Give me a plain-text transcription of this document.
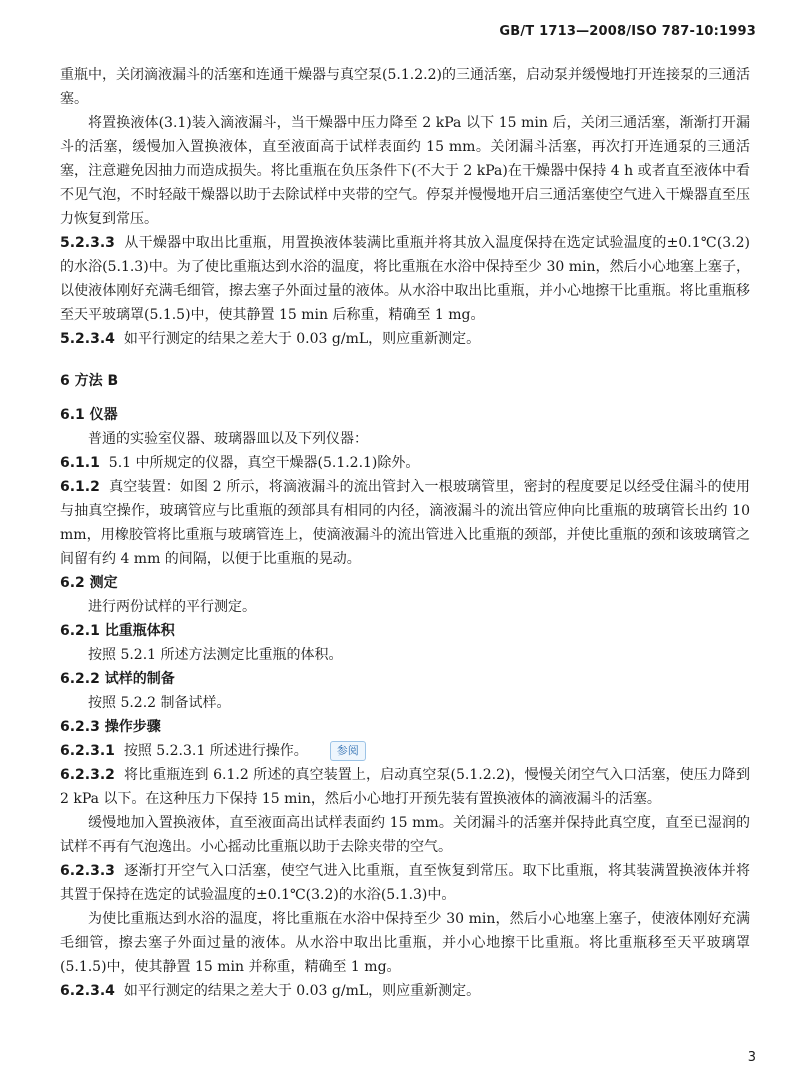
GB/T 1713—2008/ISO 787-10:1993

重瓶中，关闭滴液漏斗的活塞和连通干燥器与真空泵(5.1.2.2)的三通活塞，启动泵并缓慢地打开连接泵的三通活塞。

将置换液体(3.1)装入滴液漏斗，当干燥器中压力降至 2 kPa 以下 15 min 后，关闭三通活塞，渐渐打开漏斗的活塞，缓慢加入置换液体，直至液面高于试样表面约 15 mm。关闭漏斗活塞，再次打开连通泵的三通活塞，注意避免因抽力而造成损失。将比重瓶在负压条件下(不大于 2 kPa)在干燥器中保持 4 h 或者直至液体中看不见气泡，不时轻敲干燥器以助于去除试样中夹带的空气。停泵并慢慢地开启三通活塞使空气进入干燥器直至压力恢复到常压。

5.2.3.3 从干燥器中取出比重瓶，用置换液体装满比重瓶并将其放入温度保持在选定试验温度的±0.1℃(3.2)的水浴(5.1.3)中。为了使比重瓶达到水浴的温度，将比重瓶在水浴中保持至少 30 min，然后小心地塞上塞子，以使液体刚好充满毛细管，擦去塞子外面过量的液体。从水浴中取出比重瓶，并小心地擦干比重瓶。将比重瓶移至天平玻璃罩(5.1.5)中，使其静置 15 min 后称重，精确至 1 mg。

5.2.3.4 如平行测定的结果之差大于 0.03 g/mL，则应重新测定。

6 方法 B

6.1 仪器

普通的实验室仪器、玻璃器皿以及下列仪器：

6.1.1 5.1 中所规定的仪器，真空干燥器(5.1.2.1)除外。

6.1.2 真空装置：如图 2 所示，将滴液漏斗的流出管封入一根玻璃管里，密封的程度要足以经受住漏斗的使用与抽真空操作，玻璃管应与比重瓶的颈部具有相同的内径，滴液漏斗的流出管应伸向比重瓶的玻璃管长出约 10 mm，用橡胶管将比重瓶与玻璃管连上，使滴液漏斗的流出管进入比重瓶的颈部，并使比重瓶的颈和该玻璃管之间留有约 4 mm 的间隔，以便于比重瓶的晃动。

6.2 测定

进行两份试样的平行测定。

6.2.1 比重瓶体积

按照 5.2.1 所述方法测定比重瓶的体积。

6.2.2 试样的制备

按照 5.2.2 制备试样。

6.2.3 操作步骤

6.2.3.1 按照 5.2.3.1 所述进行操作。	参阅

6.2.3.2 将比重瓶连到 6.1.2 所述的真空装置上，启动真空泵(5.1.2.2)，慢慢关闭空气入口活塞，使压力降到 2 kPa 以下。在这种压力下保持 15 min，然后小心地打开预先装有置换液体的滴液漏斗的活塞。

缓慢地加入置换液体，直至液面高出试样表面约 15 mm。关闭漏斗的活塞并保持此真空度，直至已湿润的试样不再有气泡逸出。小心摇动比重瓶以助于去除夹带的空气。

6.2.3.3 逐渐打开空气入口活塞，使空气进入比重瓶，直至恢复到常压。取下比重瓶，将其装满置换液体并将其置于保持在选定的试验温度的±0.1℃(3.2)的水浴(5.1.3)中。

为使比重瓶达到水浴的温度，将比重瓶在水浴中保持至少 30 min，然后小心地塞上塞子，使液体刚好充满毛细管，擦去塞子外面过量的液体。从水浴中取出比重瓶，并小心地擦干比重瓶。将比重瓶移至天平玻璃罩(5.1.5)中，使其静置 15 min 并称重，精确至 1 mg。

6.2.3.4 如平行测定的结果之差大于 0.03 g/mL，则应重新测定。

3
